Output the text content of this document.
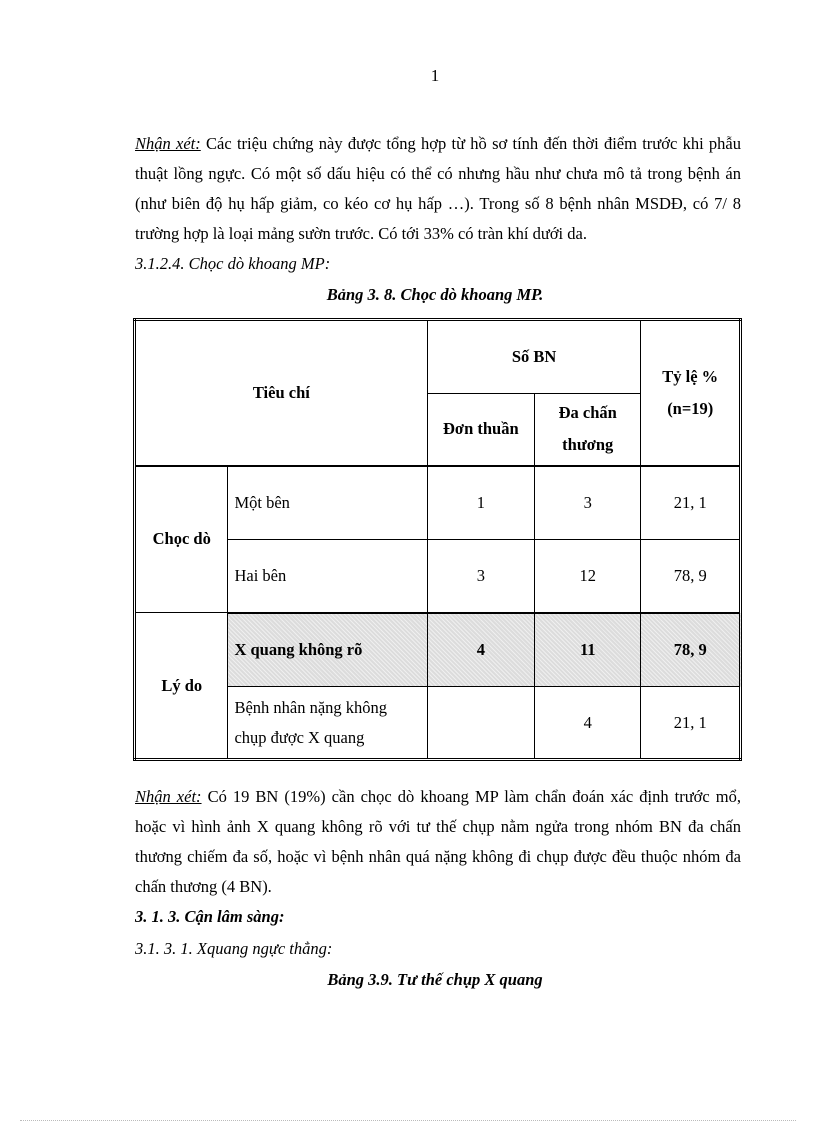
1

Nhận xét: Các triệu chứng này được tổng hợp từ hồ sơ tính đến thời điểm trước khi phẫu thuật lồng ngực. Có một số dấu hiệu có thể có nhưng hầu như chưa mô tả trong bệnh án (như biên độ hụ hấp giảm, co kéo cơ hụ hấp …). Trong số 8 bệnh nhân MSDĐ, có 7/ 8 trường hợp là loại mảng sườn trước. Có tới 33% có tràn khí dưới da.

3.1.2.4. Chọc dò khoang MP:
Bảng 3. 8. Chọc dò khoang MP.
Tiêu chí		Số BN		Tỷ lệ %
(n=19)
		Đơn thuần	Đa chấn
thương	
Chọc dò	Một bên	1	3	21, 1
	Hai bên	3	12	78, 9
Lý do	X quang không rõ	4	11	78, 9
	Bệnh nhân nặng không
chụp được X quang		4	21, 1

Nhận xét: Có 19 BN (19%) cần chọc dò khoang MP làm chẩn đoán xác định trước mổ, hoặc vì hình ảnh X quang không rõ với tư thế chụp nằm ngửa trong nhóm BN đa chấn thương chiếm đa số, hoặc vì bệnh nhân quá nặng không đi chụp được đều thuộc nhóm đa chấn thương (4 BN).

3. 1. 3. Cận lâm sàng:
3.1. 3. 1. Xquang ngực thẳng:
Bảng 3.9. Tư thế chụp X quang
